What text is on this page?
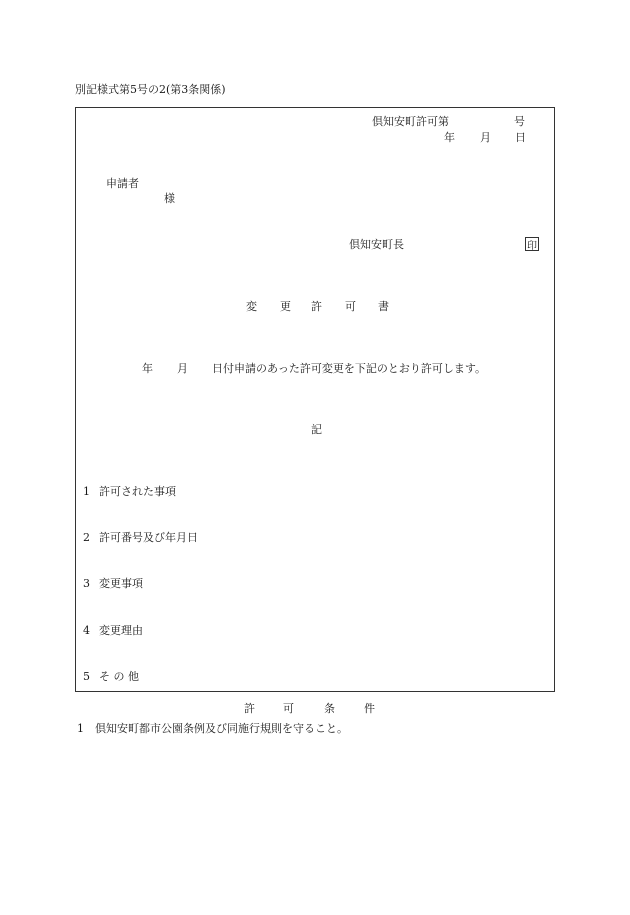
別記様式第5号の2(第3条関係)
倶知安町許可第	号
年 月 日
申請者
様
倶知安町長	印
変 更 許 可 書
年 月 日付申請のあった許可変更を下記のとおり許可します。
記
1 許可された事項
2 許可番号及び年月日
3 変更事項
4 変更理由
5 そ の 他
許	可	条	件
1 倶知安町都市公園条例及び同施行規則を守ること。
